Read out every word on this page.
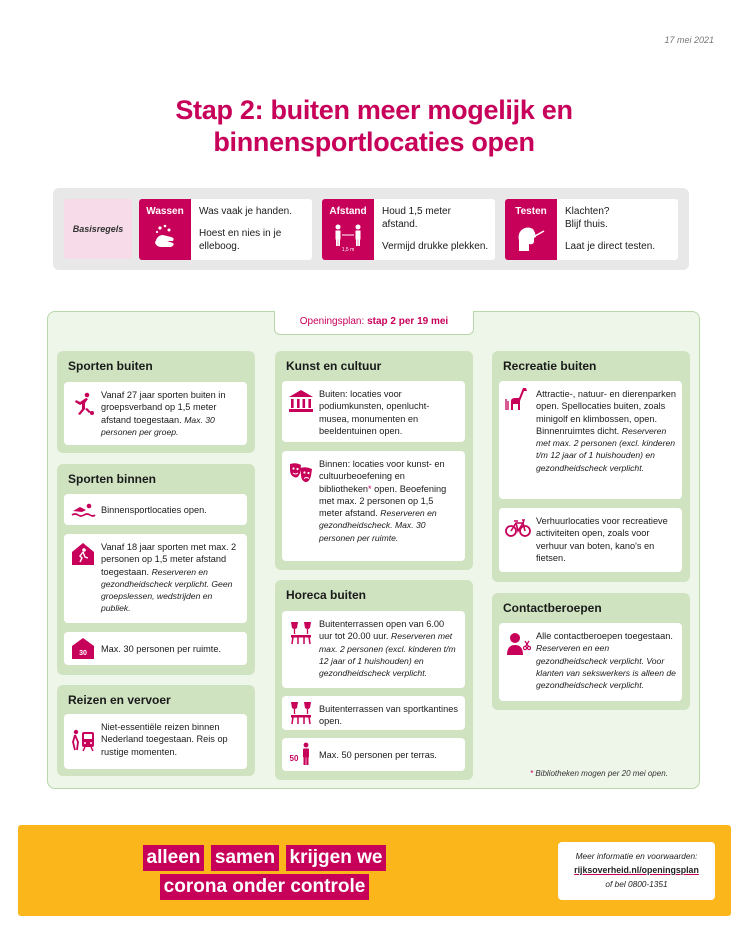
17 mei 2021
Stap 2: buiten meer mogelijk en
binnensportlocaties open
Basisregels
Wassen	Was vaak je handen.

Hoest en nies in je elleboog.

Afstand
1,5 m

Houd 1,5 meter afstand.

Vermijd drukke plekken.

Testen	Klachten? Blijf thuis.

Laat je direct testen.

Openingsplan: stap 2 per 19 mei
Sporten buiten
Vanaf 27 jaar sporten buiten in groepsverband op 1,5 meter afstand toegestaan. Max. 30 personen per groep.
Sporten binnen
Binnensportlocaties open.
Vanaf 18 jaar sporten met max. 2 personen op 1,5 meter afstand toegestaan. Reserveren en gezondheidscheck verplicht. Geen groepslessen, wedstrijden en publiek.
30 Max. 30 personen per ruimte.
Reizen en vervoer
Niet-essentiële reizen binnen Nederland toegestaan. Reis op rustige momenten.
Kunst en cultuur
Buiten: locaties voor podiumkunsten, openlucht-musea, monumenten en beeldentuinen open.
Binnen: locaties voor kunst- en cultuurbeoefening en bibliotheken* open. Beoefening met max. 2 personen op 1,5 meter afstand. Reserveren en gezondheidscheck. Max. 30 personen per ruimte.
Horeca buiten
Buitenterrassen open van 6.00 uur tot 20.00 uur. Reserveren met max. 2 personen (excl. kinderen t/m 12 jaar of 1 huishouden) en gezondheidscheck verplicht.
Buitenterrassen van sportkantines open.
50 Max. 50 personen per terras.
Recreatie buiten
Attractie-, natuur- en dierenparken open. Spellocaties buiten, zoals minigolf en klimbossen, open. Binnenruimtes dicht. Reserveren met max. 2 personen (excl. kinderen t/m 12 jaar of 1 huishouden) en gezondheidscheck verplicht.
Verhuurlocaties voor recreatieve activiteiten open, zoals voor verhuur van boten, kano's en fietsen.
Contactberoepen
Alle contactberoepen toegestaan. Reserveren en een gezondheidscheck verplicht. Voor klanten van sekswerkers is alleen de gezondheidscheck verplicht.
* Bibliotheken mogen per 20 mei open.
alleen samen krijgen we
corona onder controle
Meer informatie en voorwaarden:
rijksoverheid.nl/openingsplan
of bel 0800-1351
